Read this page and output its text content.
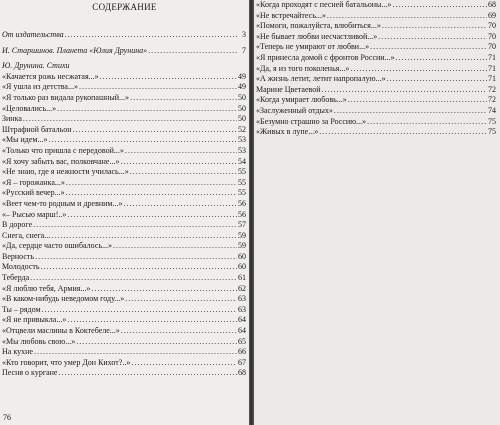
СОДЕРЖАНИЕ
От издательства .....	3
И. Старшинов. Планета «Юлия Друнина» .....	7
Ю. Друнина. Стихи
«Качается рожь несжатая...» .....	49
«Я ушла из детства...» .....	49
«Я только раз видала рукопашный...» .....	50
«Целовались...» .....	50
Зинка .....	50
Штрафной батальон .....	52
«Мы идем...» .....	53
«Только что пришла с передовой...» .....	53
«Я хочу забыть вас, полковчане...» .....	54
«Не знаю, где я нежности училась...» .....	55
«Я – горожанка...» .....	55
«Русский вечер...» .....	55
«Веет чем-то родным и древним...» .....	56
«– Рысью марш!..» .....	56
В дороге .....	57
Снега, снега... .....	59
«Да, сердце часто ошибалось...» .....	59
Верность .....	60
Молодость .....	60
Теберда .....	61
«Я люблю тебя, Армия...» .....	62
«В каком-нибудь неведомом году...» .....	63
Ты – рядом .....	63
«Я не привыкла...» .....	64
«Отцвели маслины в Коктебеле...» .....	64
«Мы любовь свою...» .....	65
На кухне .....	66
«Кто говорит, что умер Дон Кихот?..» .....	67
Песня о кургане .....	68
76
«Когда проходят с песней батальоны...» .....	68
«Не встречайтесь...» .....	69
«Помоги, пожалуйста, влюбиться...» .....	70
«Не бывает любви несчастливой...» .....	70
«Теперь не умирают от любви...» .....	70
«Я принесла домой с фронтов России...» .....	71
«Да, я из того поколенья...» .....	71
«А жизнь летит, летит напропалую...» .....	71
Марине Цветаевой .....	72
«Когда умирает любовь...» .....	72
«Заслуженный отдых» .....	74
«Безумно страшно за Россию...» .....	75
«Живых в лупе...» .....	75
